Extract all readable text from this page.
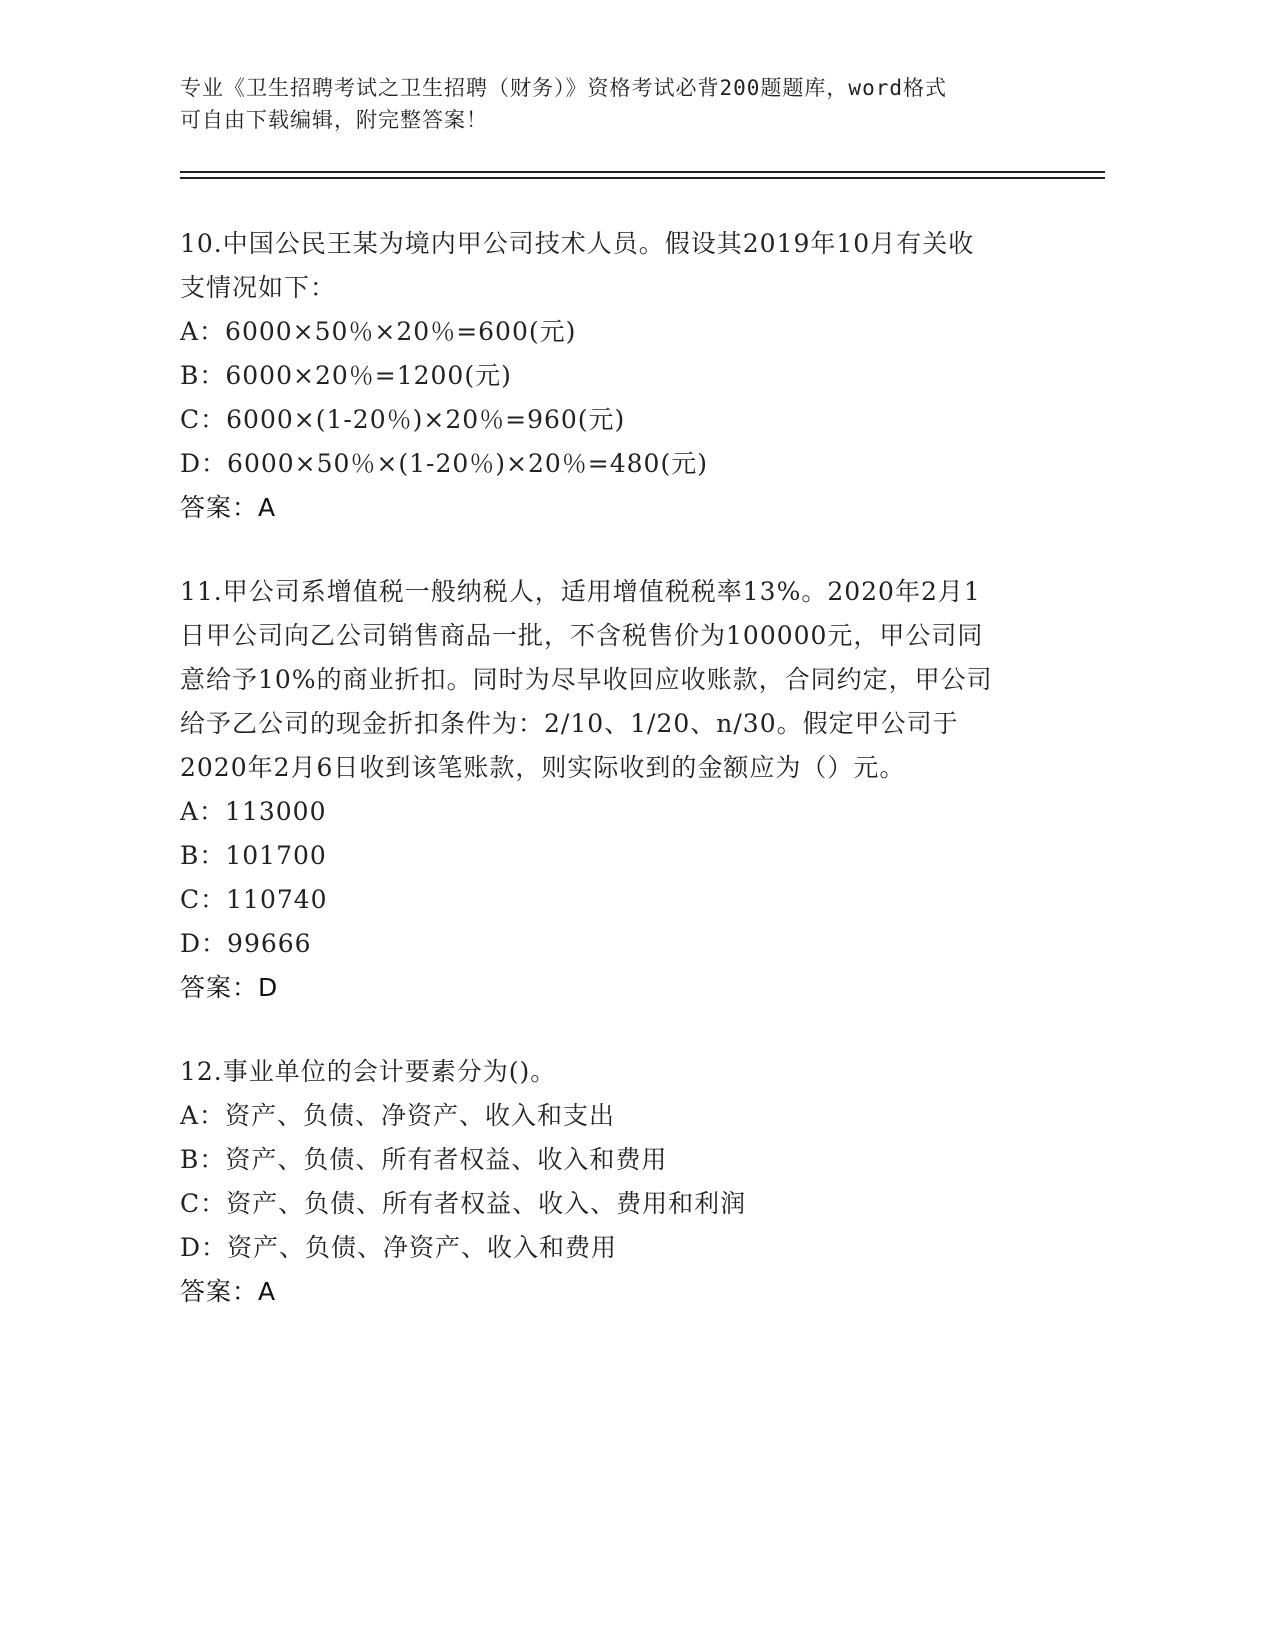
专业《卫生招聘考试之卫生招聘（财务）》资格考试必背200题题库，word格式
可自由下载编辑，附完整答案！
10.中国公民王某为境内甲公司技术人员。假设其2019年10月有关收
支情况如下：
A：6000×50％×20％=600(元)
B：6000×20％=1200(元)
C：6000×(1-20％)×20％=960(元)
D：6000×50％×(1-20％)×20％=480(元)
答案：A
11.甲公司系增值税一般纳税人，适用增值税税率13%。2020年2月1
日甲公司向乙公司销售商品一批，不含税售价为100000元，甲公司同
意给予10%的商业折扣。同时为尽早收回应收账款，合同约定，甲公司
给予乙公司的现金折扣条件为：2/10、1/20、n/30。假定甲公司于
2020年2月6日收到该笔账款，则实际收到的金额应为（）元。
A：113000
B：101700
C：110740
D：99666
答案：D
12.事业单位的会计要素分为()。
A：资产、负债、净资产、收入和支出
B：资产、负债、所有者权益、收入和费用
C：资产、负债、所有者权益、收入、费用和利润
D：资产、负债、净资产、收入和费用
答案：A
